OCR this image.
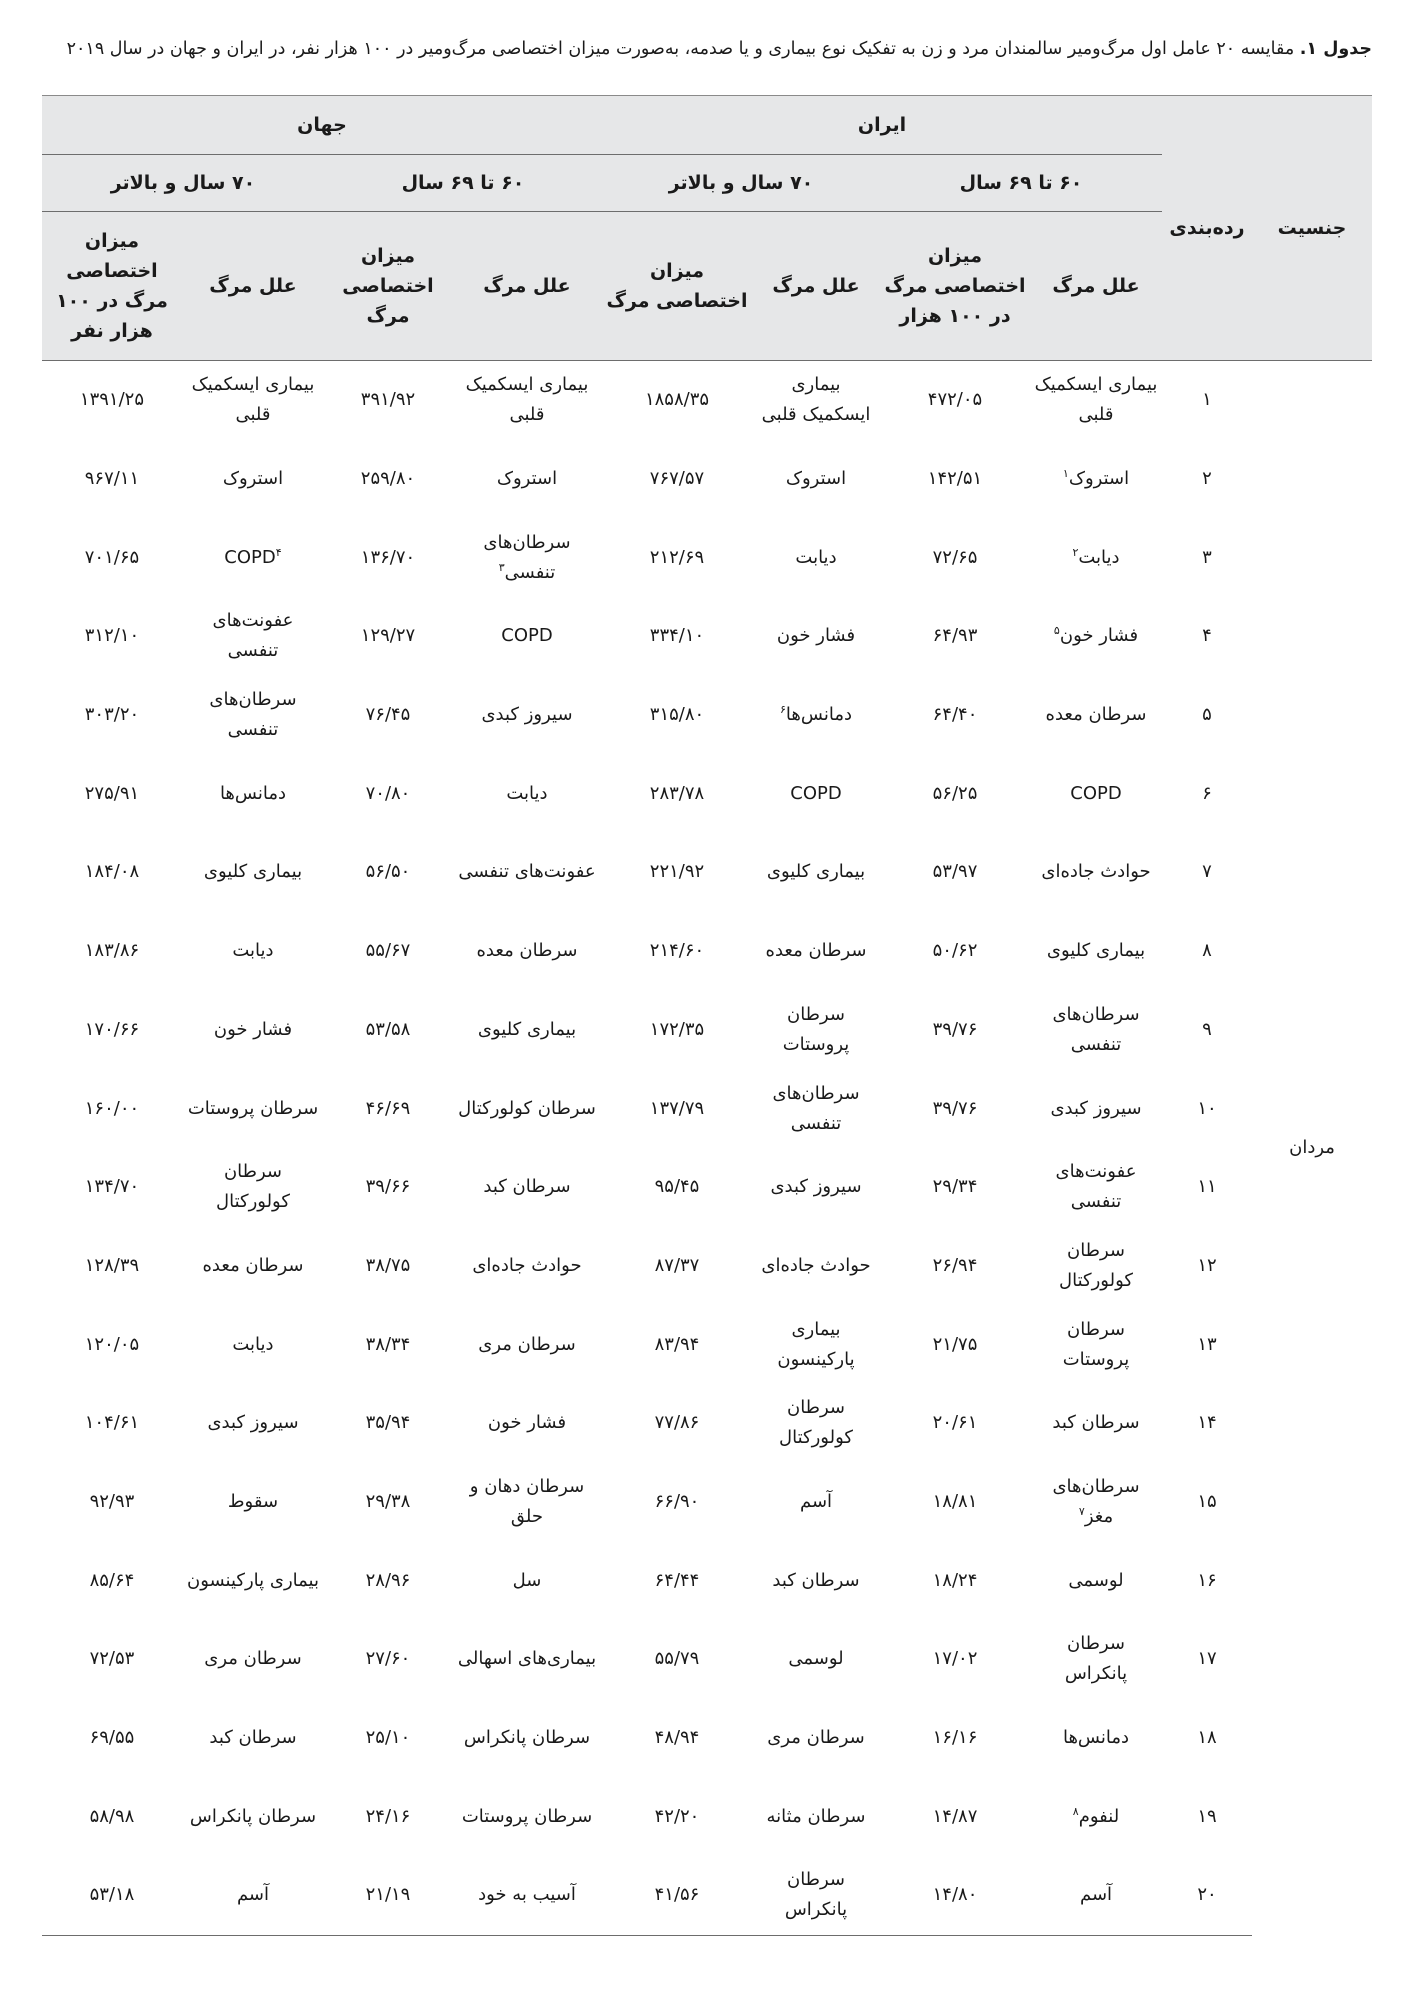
جدول ۱. مقایسه ۲۰ عامل اول مرگ‌ومیر سالمندان مرد و زن به تفکیک نوع بیماری و یا صدمه، به‌صورت میزان اختصاصی مرگ‌ومیر در ۱۰۰ هزار نفر، در ایران و جهان در سال ۲۰۱۹

جنسیت	رده‌بندی	ایران				جهان			
		۶۰ تا ۶۹ سال		۷۰ سال و بالاتر		۶۰ تا ۶۹ سال		۷۰ سال و بالاتر	
		علل مرگ	میزان اختصاصی مرگ در ۱۰۰ هزار	علل مرگ	میزان اختصاصی مرگ	علل مرگ	میزان اختصاصی مرگ	علل مرگ	میزان اختصاصی مرگ در ۱۰۰ هزار نفر
مردان	۱	بیماری ایسکمیک قلبی	۴۷۲/۰۵	بیماری ایسکمیک قلبی	۱۸۵۸/۳۵	بیماری ایسکمیک قلبی	۳۹۱/۹۲	بیماری ایسکمیک قلبی	۱۳۹۱/۲۵
	۲	استروک$^۱$	۱۴۲/۵۱	استروک	۷۶۷/۵۷	استروک	۲۵۹/۸۰	استروک	۹۶۷/۱۱
	۳	دیابت$^۲$	۷۲/۶۵	دیابت	۲۱۲/۶۹	سرطان‌های تنفسی$^۳$	۱۳۶/۷۰	COPD$^۴$	۷۰۱/۶۵
	۴	فشار خون$^۵$	۶۴/۹۳	فشار خون	۳۳۴/۱۰	COPD	۱۲۹/۲۷	عفونت‌های تنفسی	۳۱۲/۱۰
	۵	سرطان معده	۶۴/۴۰	دمانس‌ها$^۶$	۳۱۵/۸۰	سیروز کبدی	۷۶/۴۵	سرطان‌های تنفسی	۳۰۳/۲۰
	۶	COPD	۵۶/۲۵	COPD	۲۸۳/۷۸	دیابت	۷۰/۸۰	دمانس‌ها	۲۷۵/۹۱
	۷	حوادث جاده‌ای	۵۳/۹۷	بیماری کلیوی	۲۲۱/۹۲	عفونت‌های تنفسی	۵۶/۵۰	بیماری کلیوی	۱۸۴/۰۸
	۸	بیماری کلیوی	۵۰/۶۲	سرطان معده	۲۱۴/۶۰	سرطان معده	۵۵/۶۷	دیابت	۱۸۳/۸۶
	۹	سرطان‌های تنفسی	۳۹/۷۶	سرطان پروستات	۱۷۲/۳۵	بیماری کلیوی	۵۳/۵۸	فشار خون	۱۷۰/۶۶
	۱۰	سیروز کبدی	۳۹/۷۶	سرطان‌های تنفسی	۱۳۷/۷۹	سرطان کولورکتال	۴۶/۶۹	سرطان پروستات	۱۶۰/۰۰
	۱۱	عفونت‌های تنفسی	۲۹/۳۴	سیروز کبدی	۹۵/۴۵	سرطان کبد	۳۹/۶۶	سرطان کولورکتال	۱۳۴/۷۰
	۱۲	سرطان کولورکتال	۲۶/۹۴	حوادث جاده‌ای	۸۷/۳۷	حوادث جاده‌ای	۳۸/۷۵	سرطان معده	۱۲۸/۳۹
	۱۳	سرطان پروستات	۲۱/۷۵	بیماری پارکینسون	۸۳/۹۴	سرطان مری	۳۸/۳۴	دیابت	۱۲۰/۰۵
	۱۴	سرطان کبد	۲۰/۶۱	سرطان کولورکتال	۷۷/۸۶	فشار خون	۳۵/۹۴	سیروز کبدی	۱۰۴/۶۱
	۱۵	سرطان‌های مغز$^۷$	۱۸/۸۱	آسم	۶۶/۹۰	سرطان دهان و حلق	۲۹/۳۸	سقوط	۹۲/۹۳
	۱۶	لوسمی	۱۸/۲۴	سرطان کبد	۶۴/۴۴	سل	۲۸/۹۶	بیماری پارکینسون	۸۵/۶۴
	۱۷	سرطان پانکراس	۱۷/۰۲	لوسمی	۵۵/۷۹	بیماری‌های اسهالی	۲۷/۶۰	سرطان مری	۷۲/۵۳
	۱۸	دمانس‌ها	۱۶/۱۶	سرطان مری	۴۸/۹۴	سرطان پانکراس	۲۵/۱۰	سرطان کبد	۶۹/۵۵
	۱۹	لنفوم$^۸$	۱۴/۸۷	سرطان مثانه	۴۲/۲۰	سرطان پروستات	۲۴/۱۶	سرطان پانکراس	۵۸/۹۸
	۲۰	آسم	۱۴/۸۰	سرطان پانکراس	۴۱/۵۶	آسیب به خود	۲۱/۱۹	آسم	۵۳/۱۸
